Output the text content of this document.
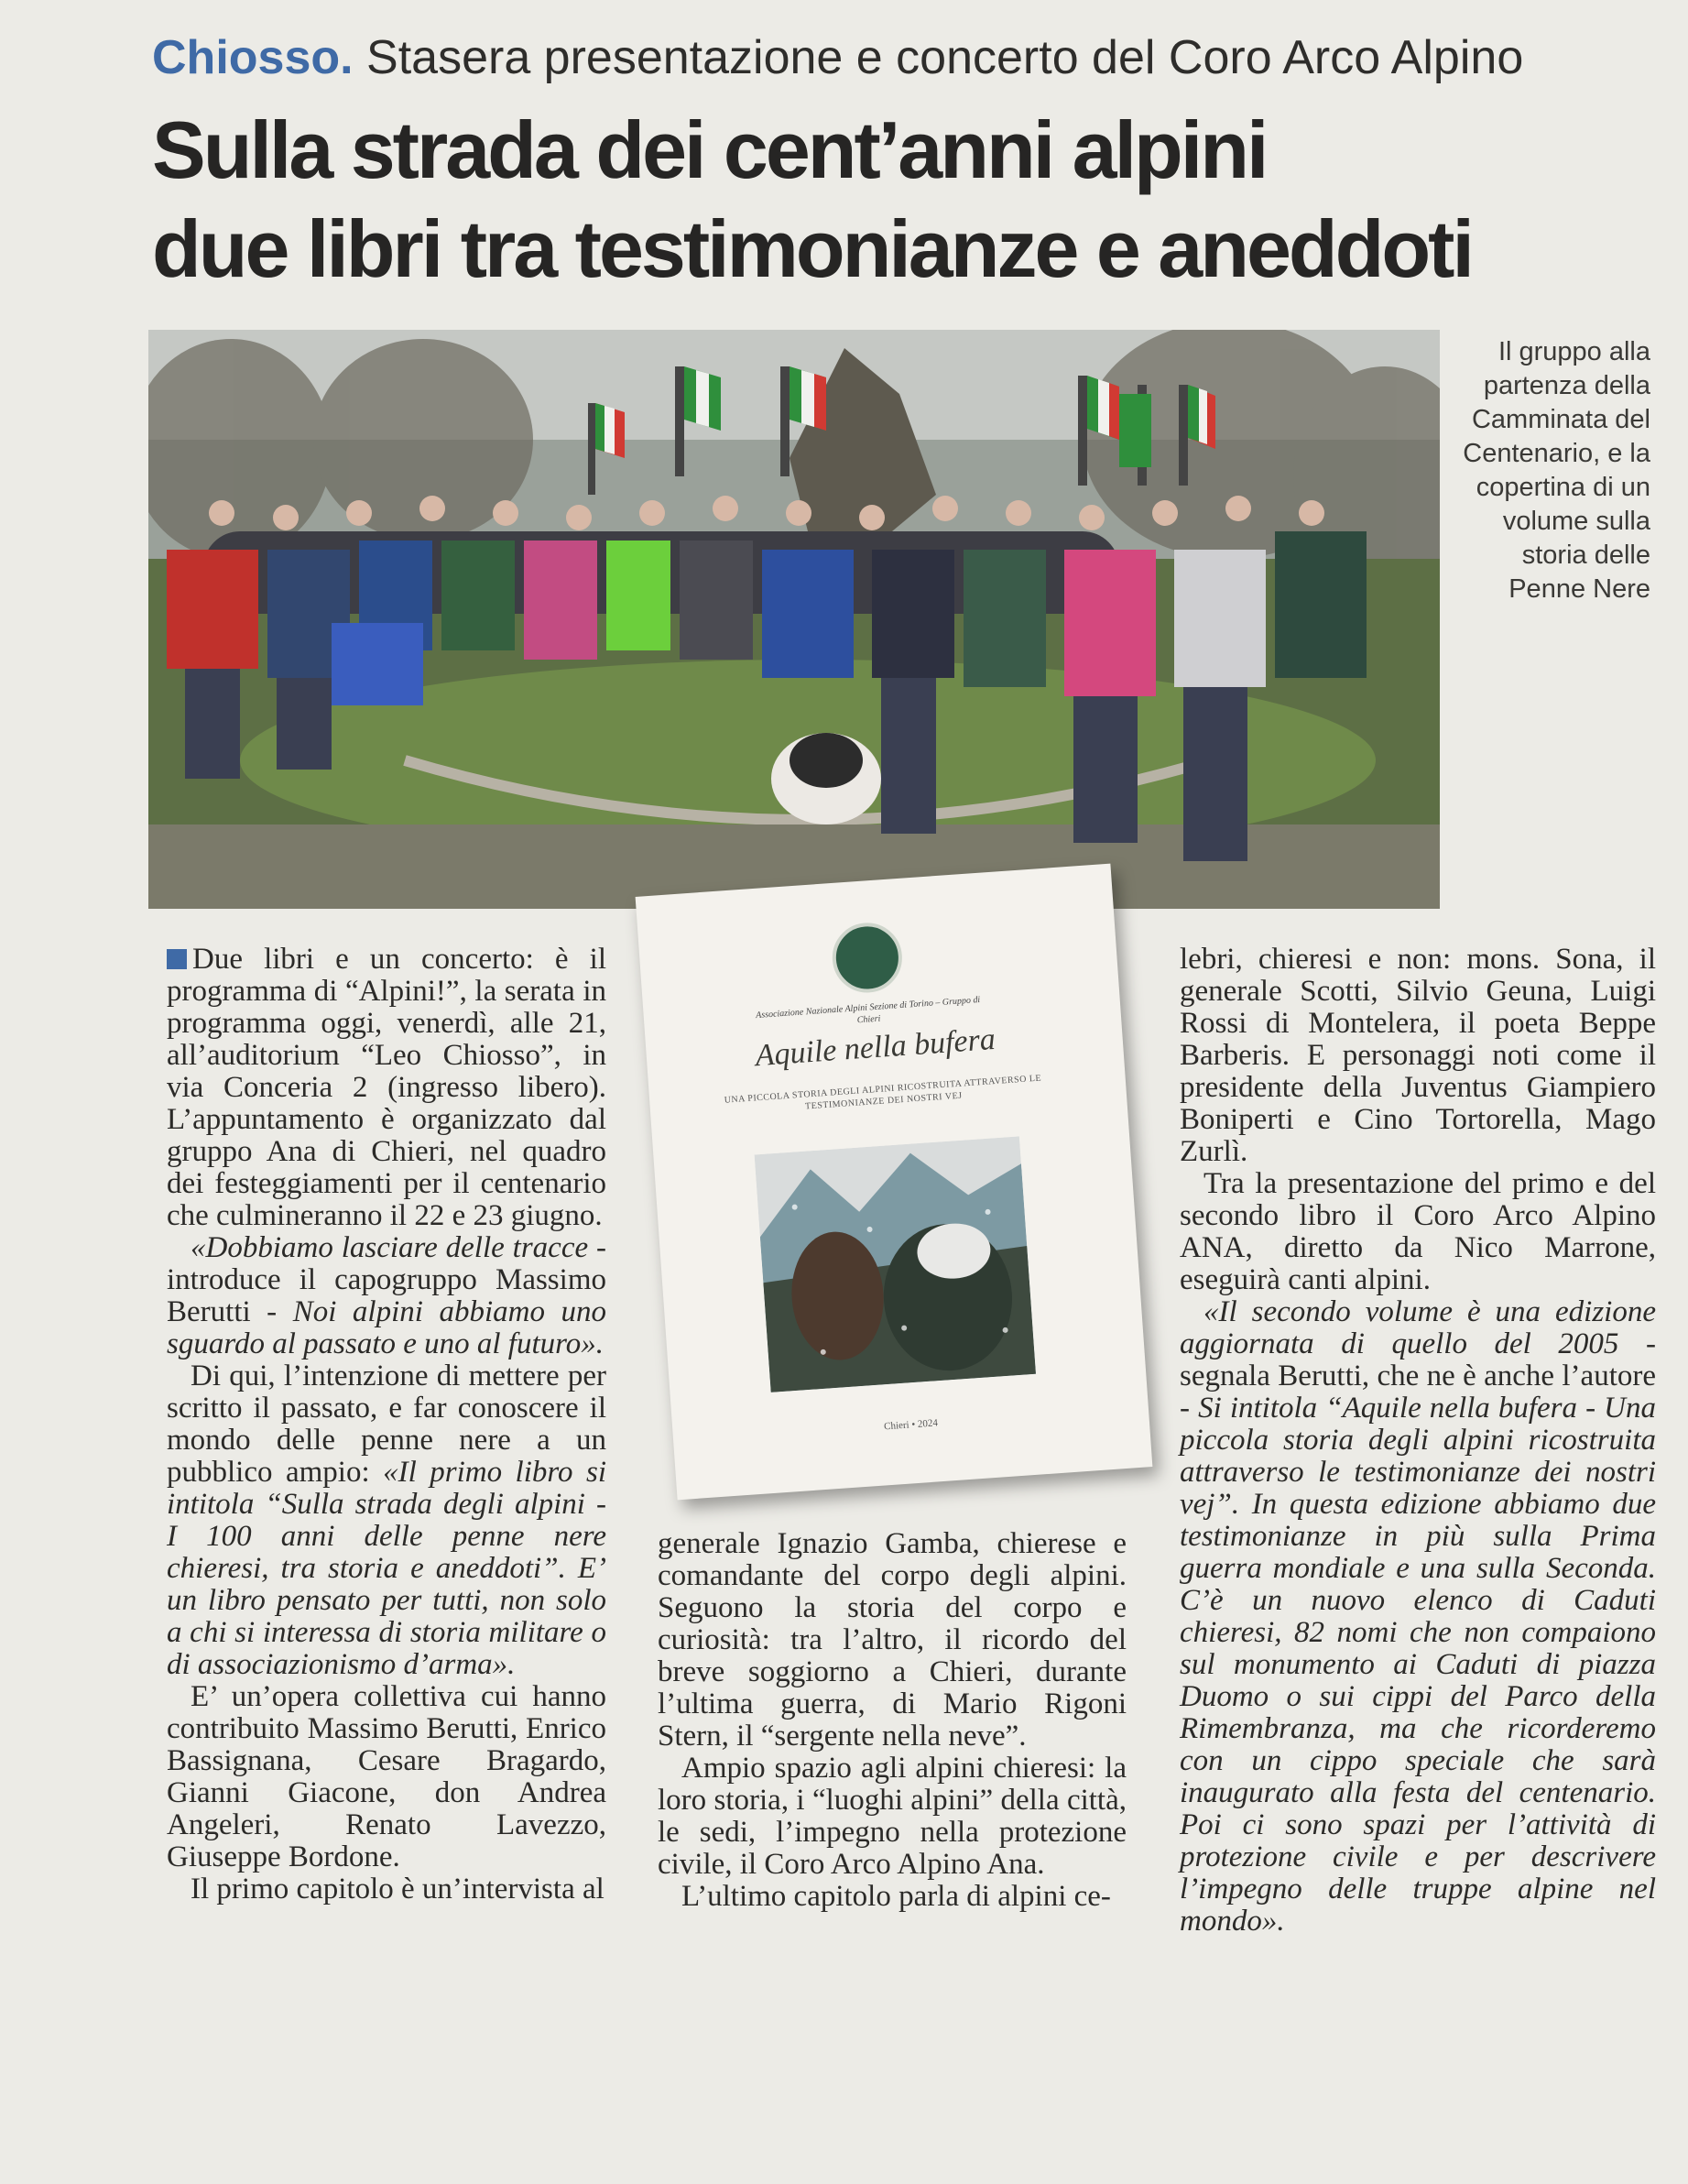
Chiosso. Stasera presentazione e concerto del Coro Arco Alpino
Sulla strada dei cent’anni alpini
due libri tra testimonianze e aneddoti
Il gruppo alla partenza della Camminata del Centenario, e la copertina di un volume sulla storia delle Penne Nere

Due libri e un concerto: è il programma di “Alpini!”, la serata in programma oggi, venerdì, alle 21, all’auditorium “Leo Chiosso”, in via Conceria 2 (ingresso libero). L’appuntamento è organizzato dal gruppo Ana di Chieri, nel quadro dei festeggiamenti per il centenario che culmineranno il 22 e 23 giugno.

«Dobbiamo lasciare delle tracce - introduce il capogruppo Massimo Berutti - Noi alpini abbiamo uno sguardo al passato e uno al futuro».

Di qui, l’intenzione di mettere per scritto il passato, e far conoscere il mondo delle penne nere a un pubblico ampio: «Il primo libro si intitola “Sulla strada degli alpini - I 100 anni delle penne nere chieresi, tra storia e aneddoti”. E’ un libro pensato per tutti, non solo a chi si interessa di storia militare o di associazionismo d’arma».

E’ un’opera collettiva cui hanno contribuito Massimo Berutti, Enrico Bassignana, Cesare Bragardo, Gianni Giacone, don Andrea Angeleri, Renato Lavezzo, Giuseppe Bordone.

Il primo capitolo è un’intervista al

Associazione Nazionale Alpini Sezione di Torino – Gruppo di Chieri
Aquile nella bufera
UNA PICCOLA STORIA DEGLI ALPINI RICOSTRUITA ATTRAVERSO LE TESTIMONIANZE DEI NOSTRI VEJ
Chieri • 2024

generale Ignazio Gamba, chierese e comandante del corpo degli alpini. Seguono la storia del corpo e curiosità: tra l’altro, il ricordo del breve soggiorno a Chieri, durante l’ultima guerra, di Mario Rigoni Stern, il “sergente nella neve”.

Ampio spazio agli alpini chieresi: la loro storia, i “luoghi alpini” della città, le sedi, l’impegno nella protezione civile, il Coro Arco Alpino Ana.

L’ultimo capitolo parla di alpini ce-

lebri, chieresi e non: mons. Sona, il generale Scotti, Silvio Geuna, Luigi Rossi di Montelera, il poeta Beppe Barberis. E personaggi noti come il presidente della Juventus Giampiero Boniperti e Cino Tortorella, Mago Zurlì.

Tra la presentazione del primo e del secondo libro il Coro Arco Alpino ANA, diretto da Nico Marrone, eseguirà canti alpini.

«Il secondo volume è una edizione aggiornata di quello del 2005 - segnala Berutti, che ne è anche l’autore - Si intitola “Aquile nella bufera - Una piccola storia degli alpini ricostruita attraverso le testimonianze dei nostri vej”. In questa edizione abbiamo due testimonianze in più sulla Prima guerra mondiale e una sulla Seconda. C’è un nuovo elenco di Caduti chieresi, 82 nomi che non compaiono sul monumento ai Caduti di piazza Duomo o sui cippi del Parco della Rimembranza, ma che ricorderemo con un cippo speciale che sarà inaugurato alla festa del centenario. Poi ci sono spazi per l’attività di protezione civile e per descrivere l’impegno delle truppe alpine nel mondo».
